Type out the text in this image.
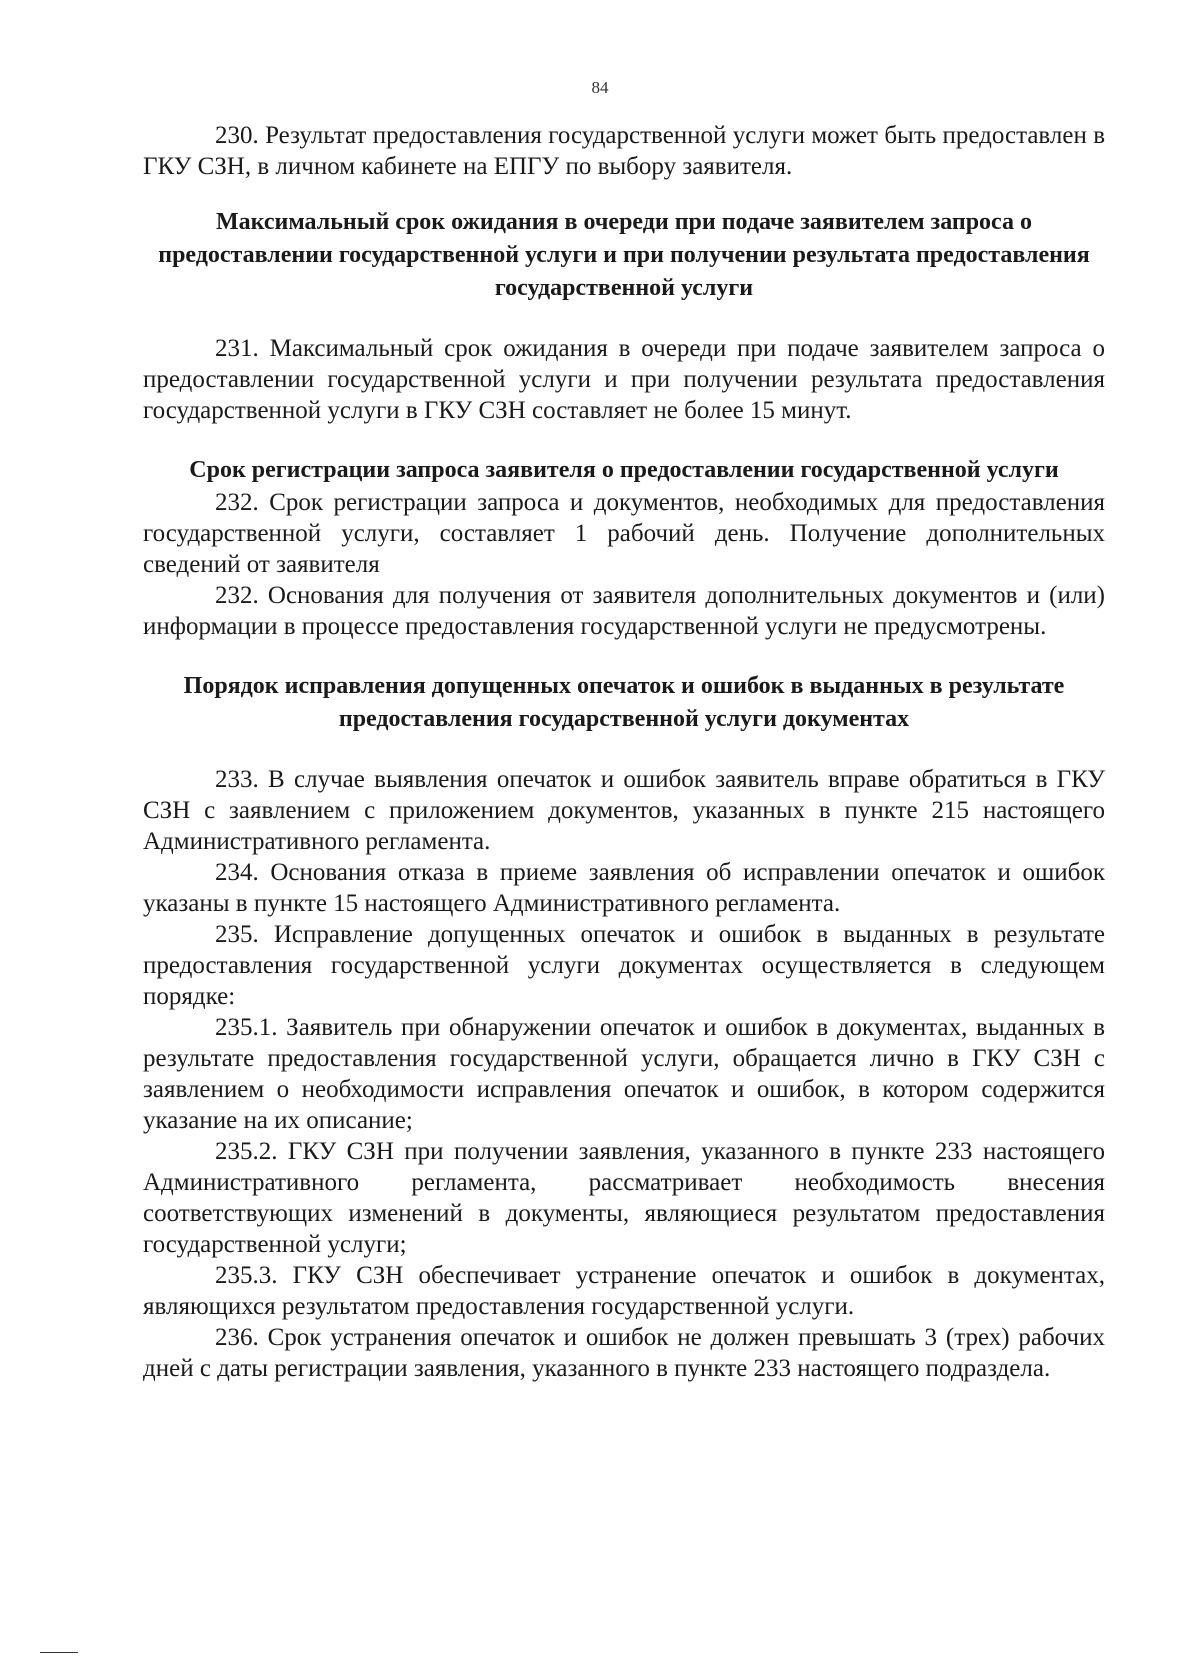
84

230. Результат предоставления государственной услуги может быть предоставлен в ГКУ СЗН, в личном кабинете на ЕПГУ по выбору заявителя.

Максимальный срок ожидания в очереди при подаче заявителем запроса о предоставлении государственной услуги и при получении результата предоставления государственной услуги

231. Максимальный срок ожидания в очереди при подаче заявителем запроса о предоставлении государственной услуги и при получении результата предоставления государственной услуги в ГКУ СЗН составляет не более 15 минут.

Срок регистрации запроса заявителя о предоставлении государственной услуги

232. Срок регистрации запроса и документов, необходимых для предоставления государственной услуги, составляет 1 рабочий день. Получение дополнительных сведений от заявителя

232. Основания для получения от заявителя дополнительных документов и (или) информации в процессе предоставления государственной услуги не предусмотрены.

Порядок исправления допущенных опечаток и ошибок в выданных в результате предоставления государственной услуги документах

233. В случае выявления опечаток и ошибок заявитель вправе обратиться в ГКУ СЗН с заявлением с приложением документов, указанных в пункте 215 настоящего Административного регламента.

234. Основания отказа в приеме заявления об исправлении опечаток и ошибок указаны в пункте 15 настоящего Административного регламента.

235. Исправление допущенных опечаток и ошибок в выданных в результате предоставления государственной услуги документах осуществляется в следующем порядке:

235.1. Заявитель при обнаружении опечаток и ошибок в документах, выданных в результате предоставления государственной услуги, обращается лично в ГКУ СЗН с заявлением о необходимости исправления опечаток и ошибок, в котором содержится указание на их описание;

235.2. ГКУ СЗН при получении заявления, указанного в пункте 233 настоящего Административного регламента, рассматривает необходимость внесения соответствующих изменений в документы, являющиеся результатом предоставления государственной услуги;

235.3. ГКУ СЗН обеспечивает устранение опечаток и ошибок в документах, являющихся результатом предоставления государственной услуги.

236. Срок устранения опечаток и ошибок не должен превышать 3 (трех) рабочих дней с даты регистрации заявления, указанного в пункте 233 настоящего подраздела.
